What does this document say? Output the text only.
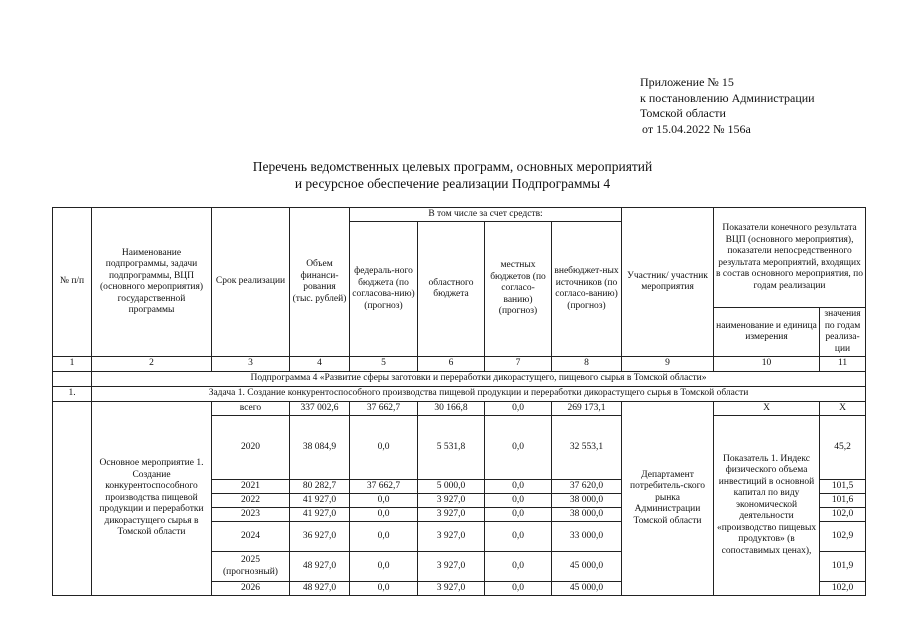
Приложение № 15
к постановлению Администрации
Томской области
от 15.04.2022 № 156а
Перечень ведомственных целевых программ, основных мероприятий
и ресурсное обеспечение реализации Подпрограммы 4
№ п/п	Наименование подпрограммы, задачи подпрограммы, ВЦП (основного мероприятия) государственной программы	Срок реализации	Объем финанси-рования (тыс. рублей)	В том числе за счет средств:				Участник/ участник мероприятия	Показатели конечного результата ВЦП (основного мероприятия), показатели непосредственного результата мероприятий, входящих в состав основного мероприятия, по годам реализации	
				федераль-ного бюджета (по согласова-нию) (прогноз)	областного бюджета	местных бюджетов (по согласо-ванию) (прогноз)	внебюджет-ных источников (по согласо-ванию) (прогноз)			
									наименование и единица измерения	значения по годам реализа-ции
1	2	3	4	5	6	7	8	9	10	11
	Подпрограмма 4 «Развитие сферы заготовки и переработки дикорастущего, пищевого сырья в Томской области»									
1.	Задача 1. Создание конкурентоспособного производства пищевой продукции и переработки дикорастущего сырья в Томской области									
	Основное мероприятие 1. Создание конкурентоспособного производства пищевой продукции и переработки дикорастущего сырья в Томской области	всего	337 002,6	37 662,7	30 166,8	0,0	269 173,1	Департамент потребитель-ского рынка Администрации Томской области	Х	Х
		2020	38 084,9	0,0	5 531,8	0,0	32 553,1		Показатель 1. Индекс физического объема инвестиций в основной капитал по виду экономической деятельности «производство пищевых продуктов» (в сопоставимых ценах),	45,2
		2021	80 282,7	37 662,7	5 000,0	0,0	37 620,0			101,5
		2022	41 927,0	0,0	3 927,0	0,0	38 000,0			101,6
		2023	41 927,0	0,0	3 927,0	0,0	38 000,0			102,0
		2024	36 927,0	0,0	3 927,0	0,0	33 000,0			102,9
		2025 (прогнозный)	48 927,0	0,0	3 927,0	0,0	45 000,0			101,9
		2026	48 927,0	0,0	3 927,0	0,0	45 000,0			102,0
